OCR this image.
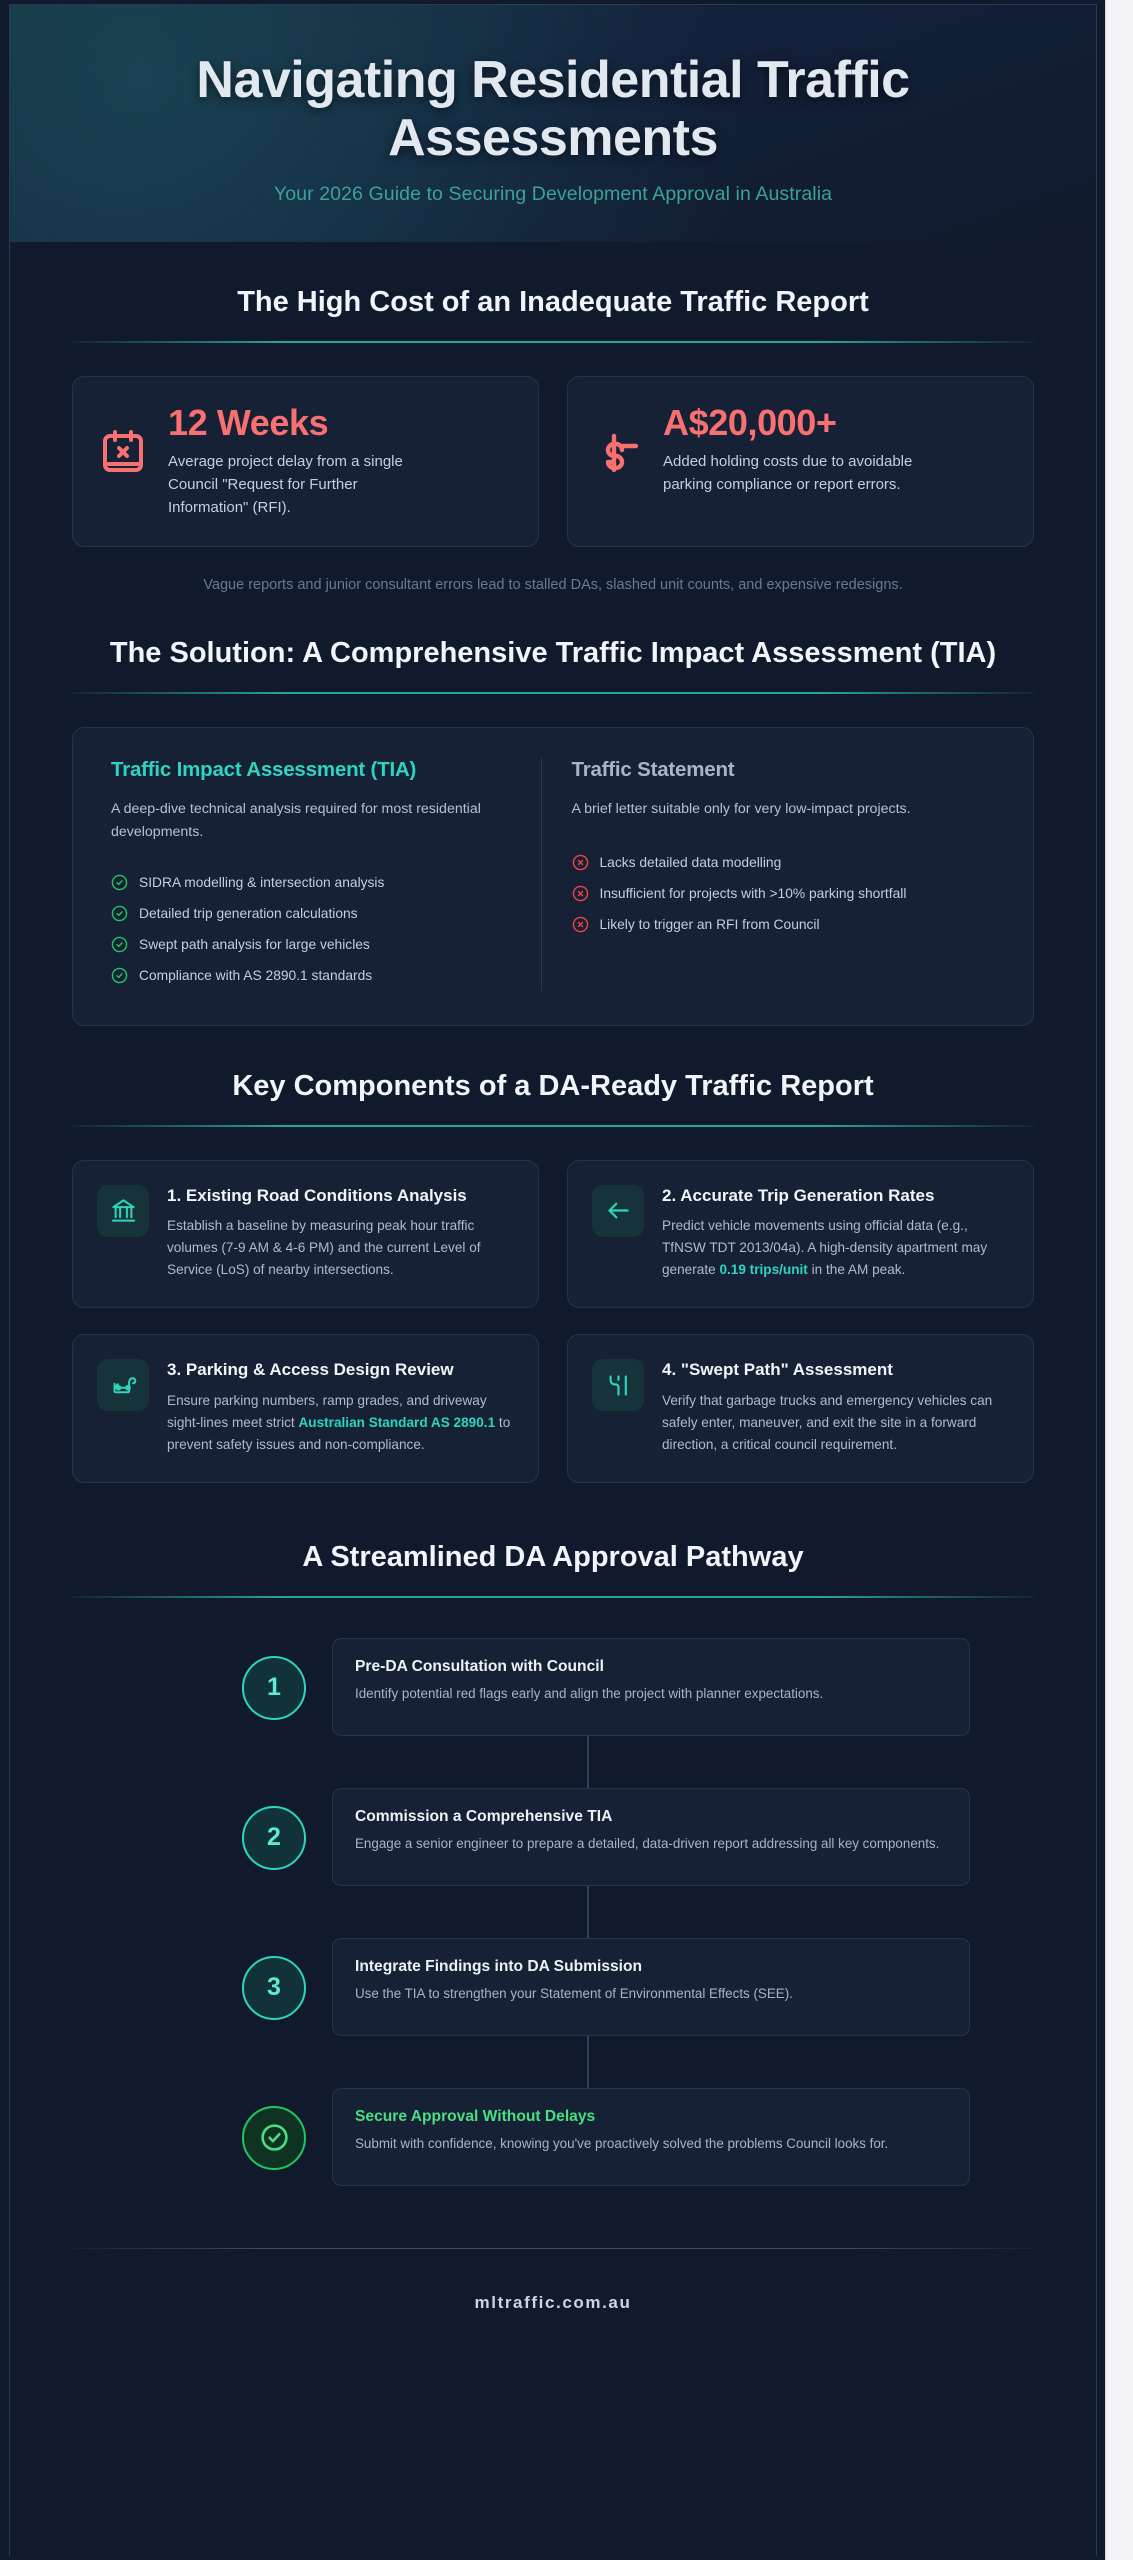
Navigating Residential Traffic Assessments
Your 2026 Guide to Securing Development Approval in Australia
The High Cost of an Inadequate Traffic Report
12 Weeks
Average project delay from a single Council "Request for Further Information" (RFI).
A$20,000+
Added holding costs due to avoidable parking compliance or report errors.

Vague reports and junior consultant errors lead to stalled DAs, slashed unit counts, and expensive redesigns.

The Solution: A Comprehensive Traffic Impact Assessment (TIA)
Traffic Impact Assessment (TIA)
A deep-dive technical analysis required for most residential developments.
SIDRA modelling & intersection analysis
Detailed trip generation calculations
Swept path analysis for large vehicles
Compliance with AS 2890.1 standards
Traffic Statement
A brief letter suitable only for very low-impact projects.
Lacks detailed data modelling
Insufficient for projects with >10% parking shortfall
Likely to trigger an RFI from Council
Key Components of a DA-Ready Traffic Report
1. Existing Road Conditions Analysis
Establish a baseline by measuring peak hour traffic volumes (7-9 AM & 4-6 PM) and the current Level of Service (LoS) of nearby intersections.
2. Accurate Trip Generation Rates
Predict vehicle movements using official data (e.g., TfNSW TDT 2013/04a). A high-density apartment may generate 0.19 trips/unit in the AM peak.
3. Parking & Access Design Review
Ensure parking numbers, ramp grades, and driveway sight-lines meet strict Australian Standard AS 2890.1 to prevent safety issues and non-compliance.
4. "Swept Path" Assessment
Verify that garbage trucks and emergency vehicles can safely enter, maneuver, and exit the site in a forward direction, a critical council requirement.
A Streamlined DA Approval Pathway
1
Pre-DA Consultation with Council
Identify potential red flags early and align the project with planner expectations.
2
Commission a Comprehensive TIA
Engage a senior engineer to prepare a detailed, data-driven report addressing all key components.
3
Integrate Findings into DA Submission
Use the TIA to strengthen your Statement of Environmental Effects (SEE).
Secure Approval Without Delays
Submit with confidence, knowing you've proactively solved the problems Council looks for.
mltraffic.com.au
